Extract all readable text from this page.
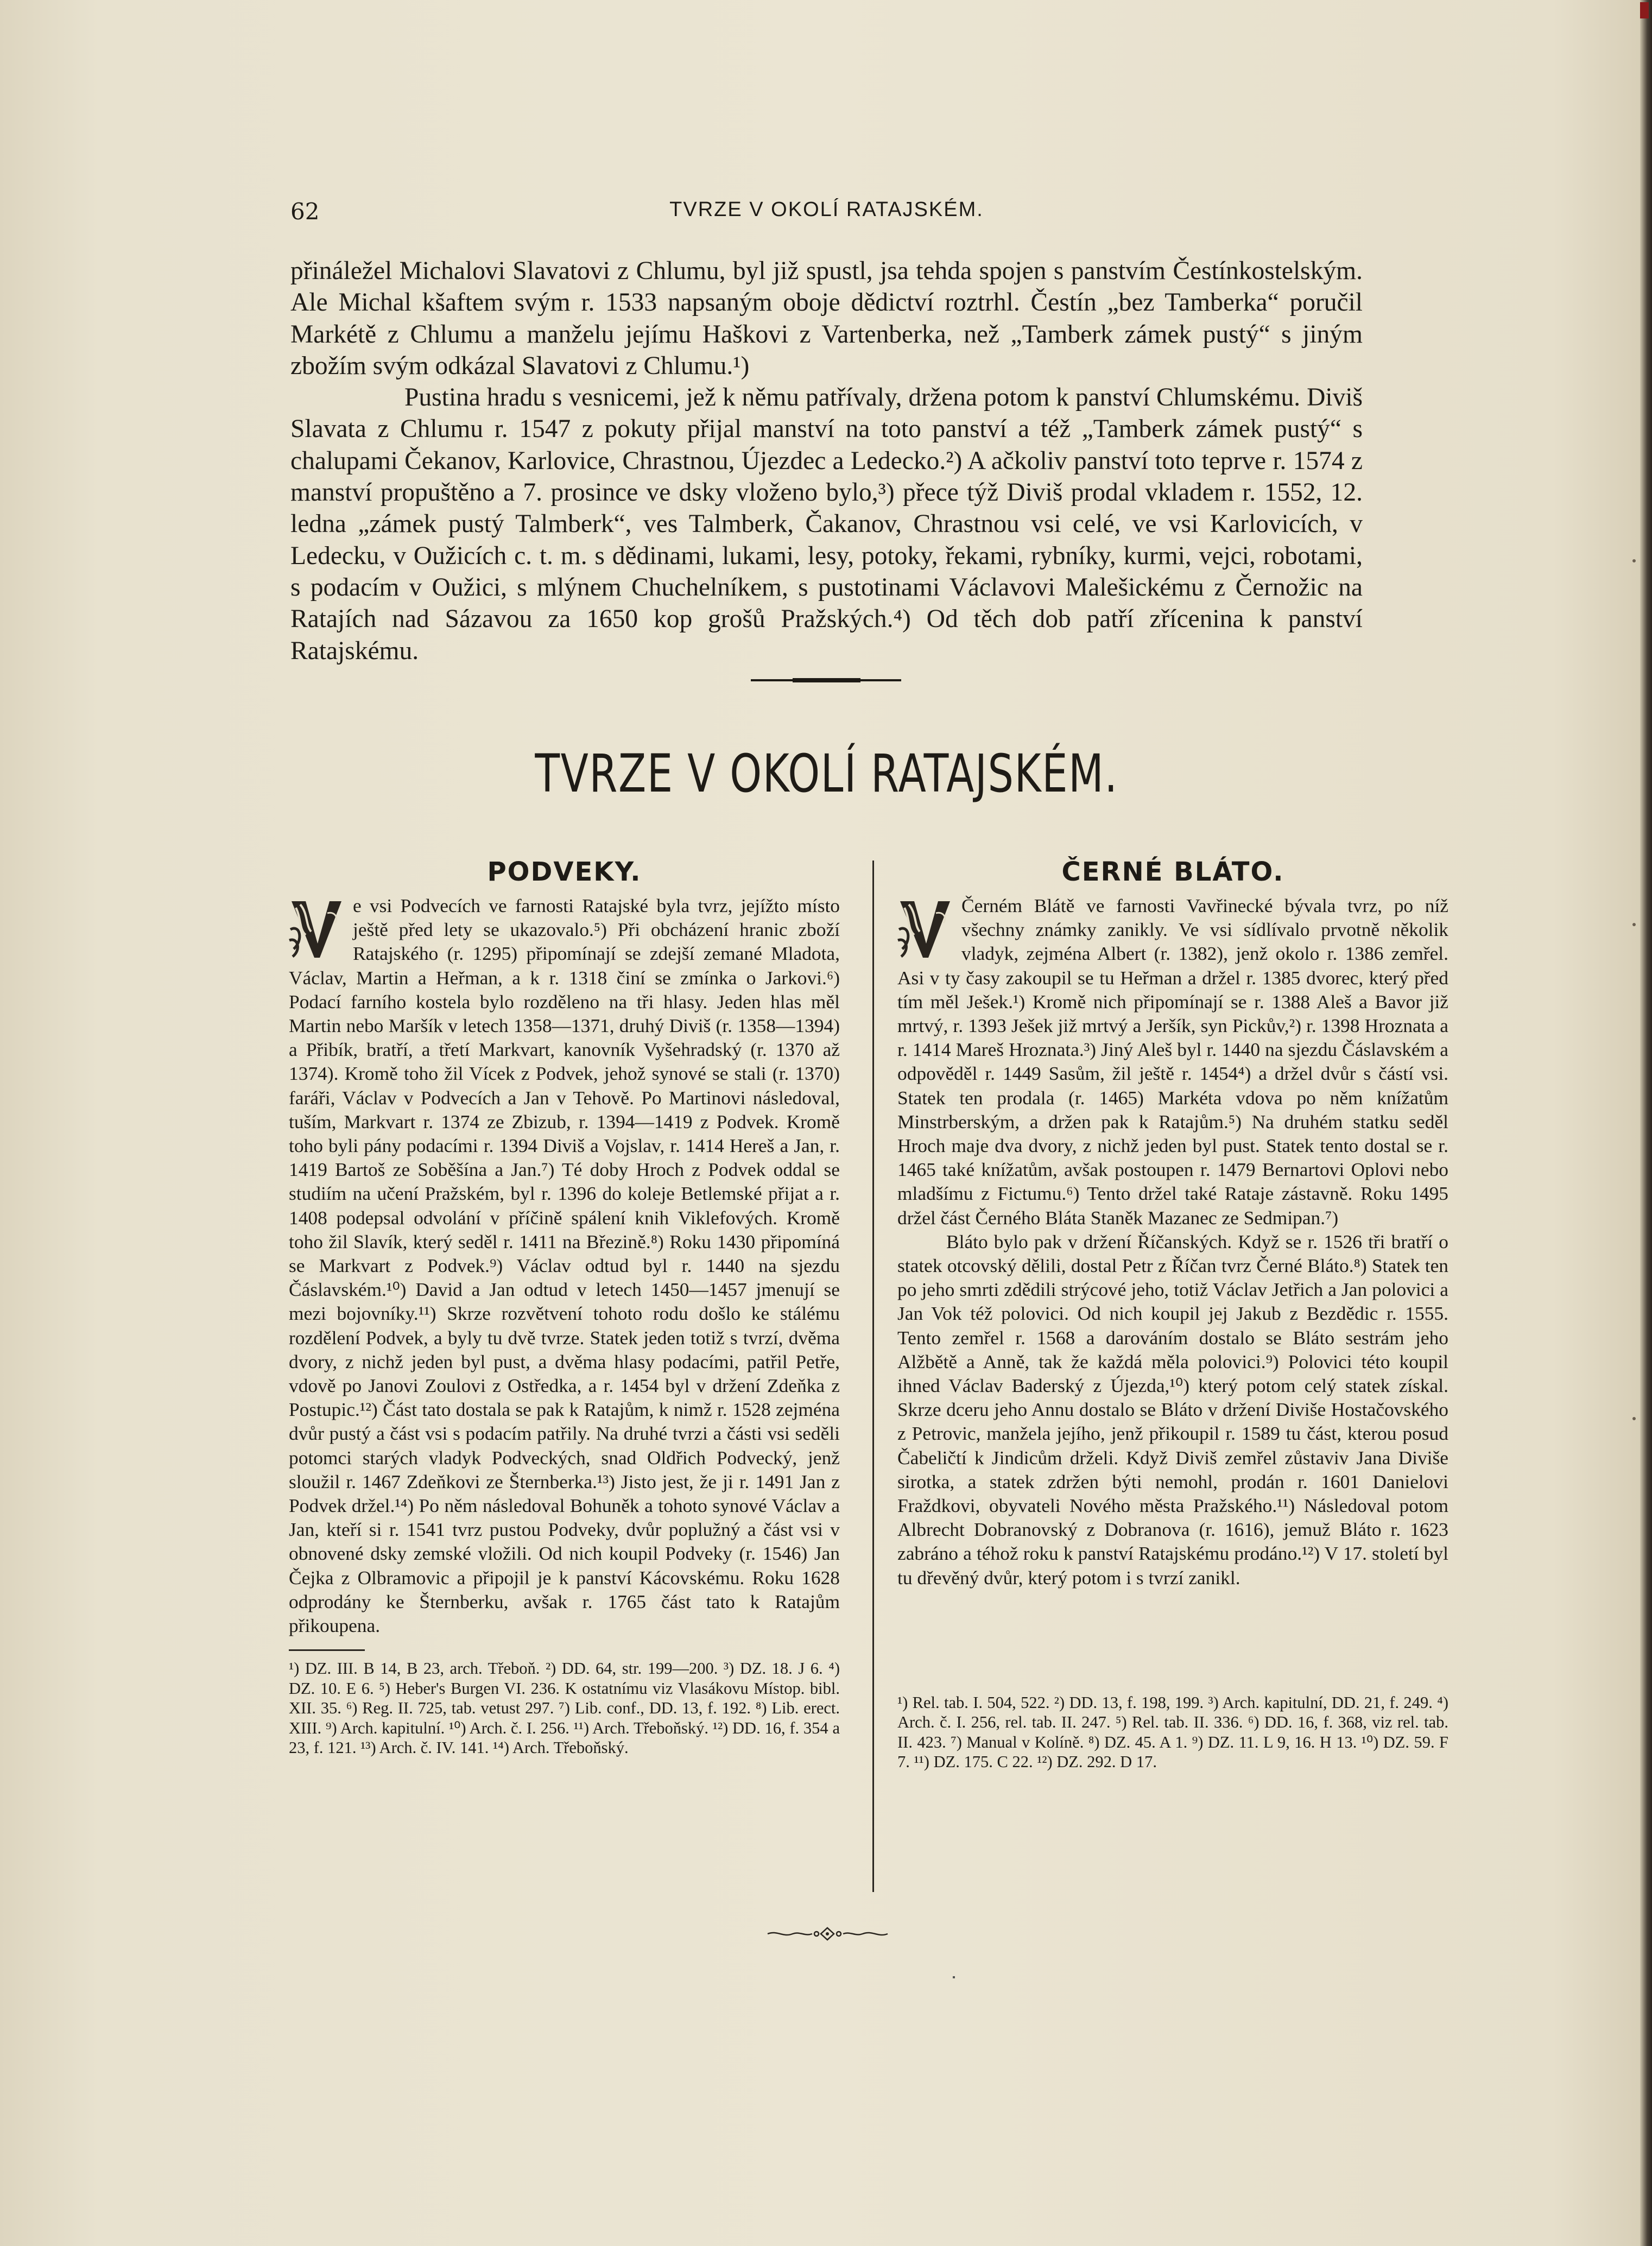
62	TVRZE V OKOLÍ RATAJSKÉM.

přináležel Michalovi Slavatovi z Chlumu, byl již spustl, jsa tehda spojen s panstvím Čestínkostelským. Ale Michal kšaftem svým r. 1533 napsaným oboje dědictví roztrhl. Čestín „bez Tamberka“ poručil Markétě z Chlumu a manželu jejímu Haškovi z Vartenberka, než „Tamberk zámek pustý“ s jiným zbožím svým odkázal Slavatovi z Chlumu.¹)

Pustina hradu s vesnicemi, jež k němu patřívaly, držena potom k panství Chlumskému. Diviš Slavata z Chlumu r. 1547 z pokuty přijal manství na toto panství a též „Tamberk zámek pustý“ s chalupami Čekanov, Karlovice, Chrastnou, Újezdec a Ledecko.²) A ačkoliv panství toto teprve r. 1574 z manství propuštěno a 7. prosince ve dsky vloženo bylo,³) přece týž Diviš prodal vkladem r. 1552, 12. ledna „zámek pustý Talmberk“, ves Talmberk, Čakanov, Chrastnou vsi celé, ve vsi Karlovicích, v Ledecku, v Oužicích c. t. m. s dědinami, lukami, lesy, potoky, řekami, rybníky, kurmi, vejci, robotami, s podacím v Oužici, s mlýnem Chuchelníkem, s pustotinami Václavovi Malešickému z Černožic na Ratajích nad Sázavou za 1650 kop grošů Pražských.⁴) Od těch dob patří zřícenina k panství Ratajskému.

TVRZE V OKOLÍ RATAJSKÉM.
PODVEKY.

e vsi Podvecích ve farnosti Ratajské byla tvrz, jejížto místo ještě před lety se ukazovalo.⁵) Při obcházení hranic zboží Ratajského (r. 1295) připomínají se zdejší zemané Mladota, Václav, Martin a Heřman, a k r. 1318 činí se zmínka o Jarkovi.⁶) Podací farního kostela bylo rozděleno na tři hlasy. Jeden hlas měl Martin nebo Maršík v letech 1358—1371, druhý Diviš (r. 1358—1394) a Přibík, bratří, a třetí Markvart, kanovník Vyšehradský (r. 1370 až 1374). Kromě toho žil Vícek z Podvek, jehož synové se stali (r. 1370) faráři, Václav v Podvecích a Jan v Tehově. Po Martinovi následoval, tuším, Markvart r. 1374 ze Zbizub, r. 1394—1419 z Podvek. Kromě toho byli pány podacími r. 1394 Diviš a Vojslav, r. 1414 Hereš a Jan, r. 1419 Bartoš ze Soběšína a Jan.⁷) Té doby Hroch z Podvek oddal se studiím na učení Pražském, byl r. 1396 do koleje Betlemské přijat a r. 1408 podepsal odvolání v příčině spálení knih Viklefových. Kromě toho žil Slavík, který seděl r. 1411 na Březině.⁸) Roku 1430 připomíná se Markvart z Podvek.⁹) Václav odtud byl r. 1440 na sjezdu Čáslavském.¹⁰) David a Jan odtud v letech 1450—1457 jmenují se mezi bojovníky.¹¹) Skrze rozvětvení tohoto rodu došlo ke stálému rozdělení Podvek, a byly tu dvě tvrze. Statek jeden totiž s tvrzí, dvěma dvory, z nichž jeden byl pust, a dvěma hlasy podacími, patřil Petře, vdově po Janovi Zoulovi z Ostředka, a r. 1454 byl v držení Zdeňka z Postupic.¹²) Část tato dostala se pak k Ratajům, k nimž r. 1528 zejména dvůr pustý a část vsi s podacím patřily. Na druhé tvrzi a části vsi seděli potomci starých vladyk Podveckých, snad Oldřich Podvecký, jenž sloužil r. 1467 Zdeňkovi ze Šternberka.¹³) Jisto jest, že ji r. 1491 Jan z Podvek držel.¹⁴) Po něm následoval Bohuněk a tohoto synové Václav a Jan, kteří si r. 1541 tvrz pustou Podveky, dvůr poplužný a část vsi v obnovené dsky zemské vložili. Od nich koupil Podveky (r. 1546) Jan Čejka z Olbramovic a připojil je k panství Kácovskému. Roku 1628 odprodány ke Šternberku, avšak r. 1765 část tato k Ratajům přikoupena.

¹) DZ. III. B 14, B 23, arch. Třeboň. ²) DD. 64, str. 199—200. ³) DZ. 18. J 6. ⁴) DZ. 10. E 6. ⁵) Heber's Burgen VI. 236. K ostatnímu viz Vlasákovu Místop. bibl. XII. 35. ⁶) Reg. II. 725, tab. vetust 297. ⁷) Lib. conf., DD. 13, f. 192. ⁸) Lib. erect. XIII. ⁹) Arch. kapitulní. ¹⁰) Arch. č. I. 256. ¹¹) Arch. Třeboňský. ¹²) DD. 16, f. 354 a 23, f. 121. ¹³) Arch. č. IV. 141. ¹⁴) Arch. Třeboňský.
ČERNÉ BLÁTO.

Černém Blátě ve farnosti Vavřinecké bývala tvrz, po níž všechny známky zanikly. Ve vsi sídlívalo prvotně několik vladyk, zejména Albert (r. 1382), jenž okolo r. 1386 zemřel. Asi v ty časy zakoupil se tu Heřman a držel r. 1385 dvorec, který před tím měl Ješek.¹) Kromě nich připomínají se r. 1388 Aleš a Bavor již mrtvý, r. 1393 Ješek již mrtvý a Jeršík, syn Pickův,²) r. 1398 Hroznata a r. 1414 Mareš Hroznata.³) Jiný Aleš byl r. 1440 na sjezdu Čáslavském a odpověděl r. 1449 Sasům, žil ještě r. 1454⁴) a držel dvůr s částí vsi. Statek ten prodala (r. 1465) Markéta vdova po něm knížatům Minstrberským, a držen pak k Ratajům.⁵) Na druhém statku seděl Hroch maje dva dvory, z nichž jeden byl pust. Statek tento dostal se r. 1465 také knížatům, avšak postoupen r. 1479 Bernartovi Oplovi nebo mladšímu z Fictumu.⁶) Tento držel také Rataje zástavně. Roku 1495 držel část Černého Bláta Staněk Mazanec ze Sedmipan.⁷)

Bláto bylo pak v držení Říčanských. Když se r. 1526 tři bratří o statek otcovský dělili, dostal Petr z Říčan tvrz Černé Bláto.⁸) Statek ten po jeho smrti zdědili strýcové jeho, totiž Václav Jetřich a Jan polovici a Jan Vok též polovici. Od nich koupil jej Jakub z Bezdědic r. 1555. Tento zemřel r. 1568 a darováním dostalo se Bláto sestrám jeho Alžbětě a Anně, tak že každá měla polovici.⁹) Polovici této koupil ihned Václav Baderský z Újezda,¹⁰) který potom celý statek získal. Skrze dceru jeho Annu dostalo se Bláto v držení Diviše Hostačovského z Petrovic, manžela jejího, jenž přikoupil r. 1589 tu část, kterou posud Čabeličtí k Jindicům drželi. Když Diviš zemřel zůstaviv Jana Diviše sirotka, a statek zdržen býti nemohl, prodán r. 1601 Danielovi Fraždkovi, obyvateli Nového města Pražského.¹¹) Následoval potom Albrecht Dobranovský z Dobranova (r. 1616), jemuž Bláto r. 1623 zabráno a téhož roku k panství Ratajskému prodáno.¹²) V 17. století byl tu dřevěný dvůr, který potom i s tvrzí zanikl.

¹) Rel. tab. I. 504, 522. ²) DD. 13, f. 198, 199. ³) Arch. kapitulní, DD. 21, f. 249. ⁴) Arch. č. I. 256, rel. tab. II. 247. ⁵) Rel. tab. II. 336. ⁶) DD. 16, f. 368, viz rel. tab. II. 423. ⁷) Manual v Kolíně. ⁸) DZ. 45. A 1. ⁹) DZ. 11. L 9, 16. H 13. ¹⁰) DZ. 59. F 7. ¹¹) DZ. 175. C 22. ¹²) DZ. 292. D 17.
